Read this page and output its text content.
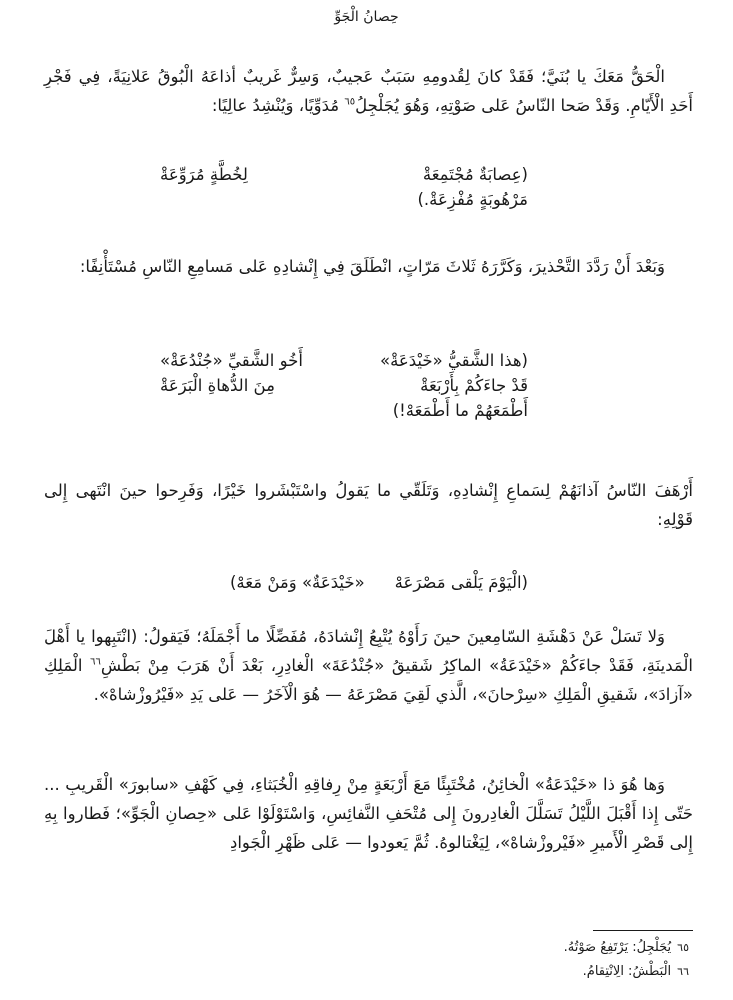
حِصانُ الْجَوِّ
الْحَقُّ مَعَكَ يا بُنَيَّ؛ فَقَدْ كانَ لِقُدومِهِ سَبَبٌ عَجيبٌ، وَسِرٌّ غَريبٌ أذاعَهُ الْبُوقُ عَلانِيَةً، فِي فَجْرِ أَحَدِ الْأَيّامِ. وَقَدْ صَحا النّاسُ عَلى صَوْتِهِ، وَهُوَ يُجَلْجِلُ$^{٦٥}$ مُدَوِّيًا، وَيُنْشِدُ عالِيًا:
(عِصابَةٌ مُجْتَمِعَةْ
لِخُطَّةٍ مُرَوِّعَةْ
مَرْهُوبَةٍ مُفْزِعَةْ.)
وَبَعْدَ أَنْ رَدَّدَ التَّحْذيرَ، وَكَرَّرَهُ ثَلاثَ مَرّاتٍ، انْطَلَقَ فِي إِنْشادِهِ عَلى مَسامِعِ النّاسِ مُسْتَأْنِفًا:
(هذا الشَّقيُّ «خَيْدَعَةْ»
أَخُو الشَّقيِّ «جُنْدُعَةْ»
قَدْ جاءَكُمْ بِأَرْبَعَةْ
مِنَ الدُّهاةِ الْبَرَعَةْ
أَطْمَعَهُمْ ما أَطْمَعَهْ!)
أَرْهَفَ النّاسُ آذانَهُمْ لِسَماعِ إِنْشادِهِ، وَتَلَقّي ما يَقولُ واسْتَبْشَروا خَيْرًا، وَفَرِحوا حينَ انْتَهى إِلى قَوْلِهِ:
(الْيَوْمَ يَلْقى مَصْرَعَهْ
«خَيْدَعَةٌ» وَمَنْ مَعَهْ)
وَلا تَسَلْ عَنْ دَهْشَةِ السّامِعينَ حينَ رَأَوْهُ يُتْبِعُ إِنْشادَهُ، مُفَصِّلًا ما أَجْمَلَهُ؛ فَيَقولُ: (انْتَبِهوا يا أَهْلَ الْمَدينَةِ، فَقَدْ جاءَكُمْ «خَيْدَعَةُ» الماكِرُ شَقيقُ «جُنْدُعَةَ» الْغادِرِ، بَعْدَ أَنْ هَرَبَ مِنْ بَطْشِ$^{٦٦}$ الْمَلِكِ «آزادَ»، شَقيقِ الْمَلِكِ «سِرْحانَ»، الَّذي لَقِيَ مَصْرَعَهُ — هُوَ الْآخَرُ — عَلى يَدِ «فَيْرُوزْشاهْ».
وَها هُوَ ذا «خَيْدَعَةُ» الْخائِنُ، مُخْتَبِئًا مَعَ أَرْبَعَةٍ مِنْ رِفاقِهِ الْخُبَثاءِ، فِي كَهْفِ «سابورَ» الْقَريبِ ... حَتّى إِذا أَقْبَلَ اللَّيْلُ تَسَلَّلَ الْغادِرونَ إِلى مُتْحَفِ النَّفائِسِ، وَاسْتَوْلَوْا عَلى «حِصانِ الْجَوِّ»؛ فَطاروا بِهِ إِلى قَصْرِ الْأَميرِ «فَيْروزْشاهْ»، لِيَغْتالوهُ. ثُمَّ يَعودوا — عَلى ظَهْرِ الْجَوادِ
٦٥يُجَلْجِلُ: يَرْتَفِعُ صَوْتُهُ.
٦٦الْبَطْشُ: الِانْتِقامُ.
